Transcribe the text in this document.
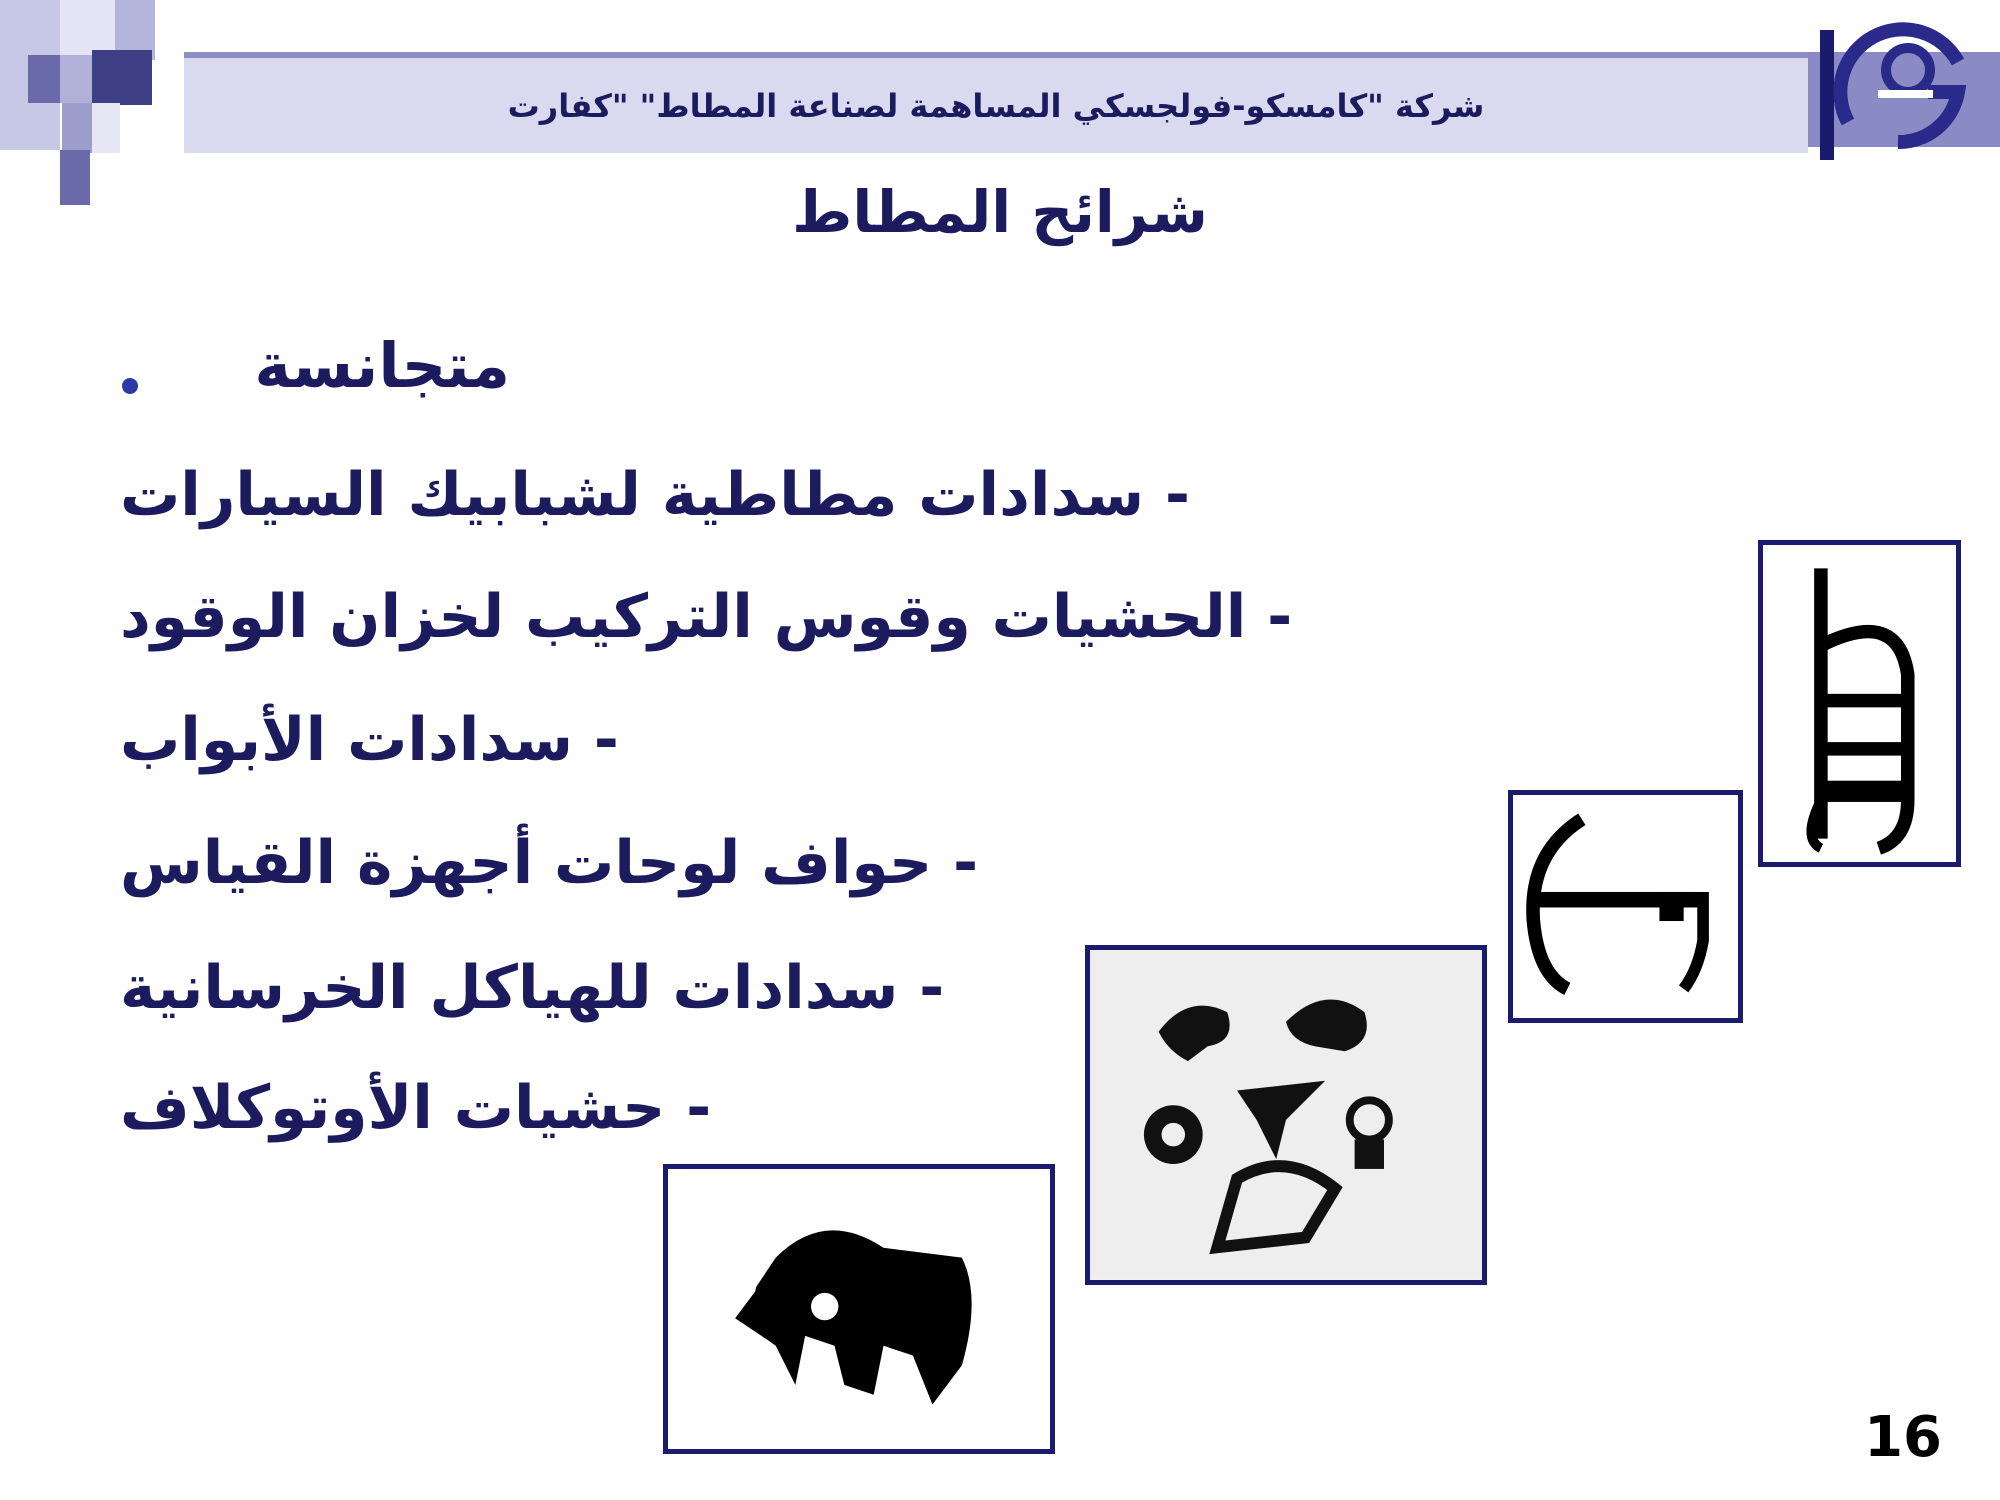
شركة "كامسكو-فولجسكي المساهمة لصناعة المطاط" "كفارت
شرائح المطاط
متجانسة
- سدادات مطاطية لشبابيك السيارات
- الحشيات وقوس التركيب لخزان الوقود
- سدادات الأبواب
- حواف لوحات أجهزة القياس
- سدادات للهياكل الخرسانية
- حشيات الأوتوكلاف
16
